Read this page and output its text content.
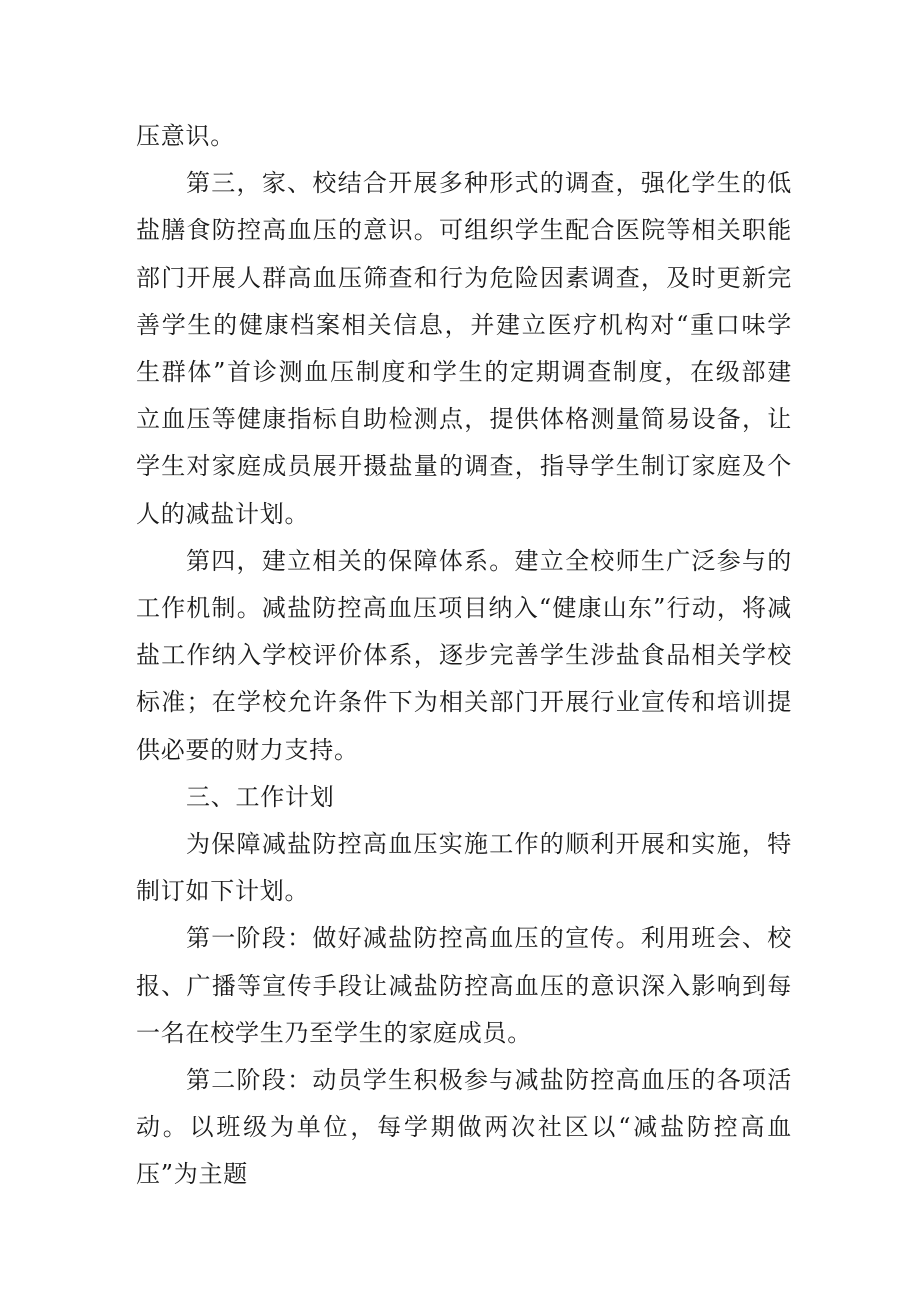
压意识。

第三，家、校结合开展多种形式的调查，强化学生的低盐膳食防控高血压的意识。可组织学生配合医院等相关职能部门开展人群高血压筛查和行为危险因素调查，及时更新完善学生的健康档案相关信息，并建立医疗机构对“重口味学生群体”首诊测血压制度和学生的定期调查制度，在级部建立血压等健康指标自助检测点，提供体格测量简易设备，让学生对家庭成员展开摄盐量的调查，指导学生制订家庭及个人的减盐计划。

第四，建立相关的保障体系。建立全校师生广泛参与的工作机制。减盐防控高血压项目纳入“健康山东”行动，将减盐工作纳入学校评价体系，逐步完善学生涉盐食品相关学校标准；在学校允许条件下为相关部门开展行业宣传和培训提供必要的财力支持。

三、工作计划

为保障减盐防控高血压实施工作的顺利开展和实施，特制订如下计划。

第一阶段：做好减盐防控高血压的宣传。利用班会、校报、广播等宣传手段让减盐防控高血压的意识深入影响到每一名在校学生乃至学生的家庭成员。

第二阶段：动员学生积极参与减盐防控高血压的各项活动。以班级为单位，每学期做两次社区以“减盐防控高血压”为主题
